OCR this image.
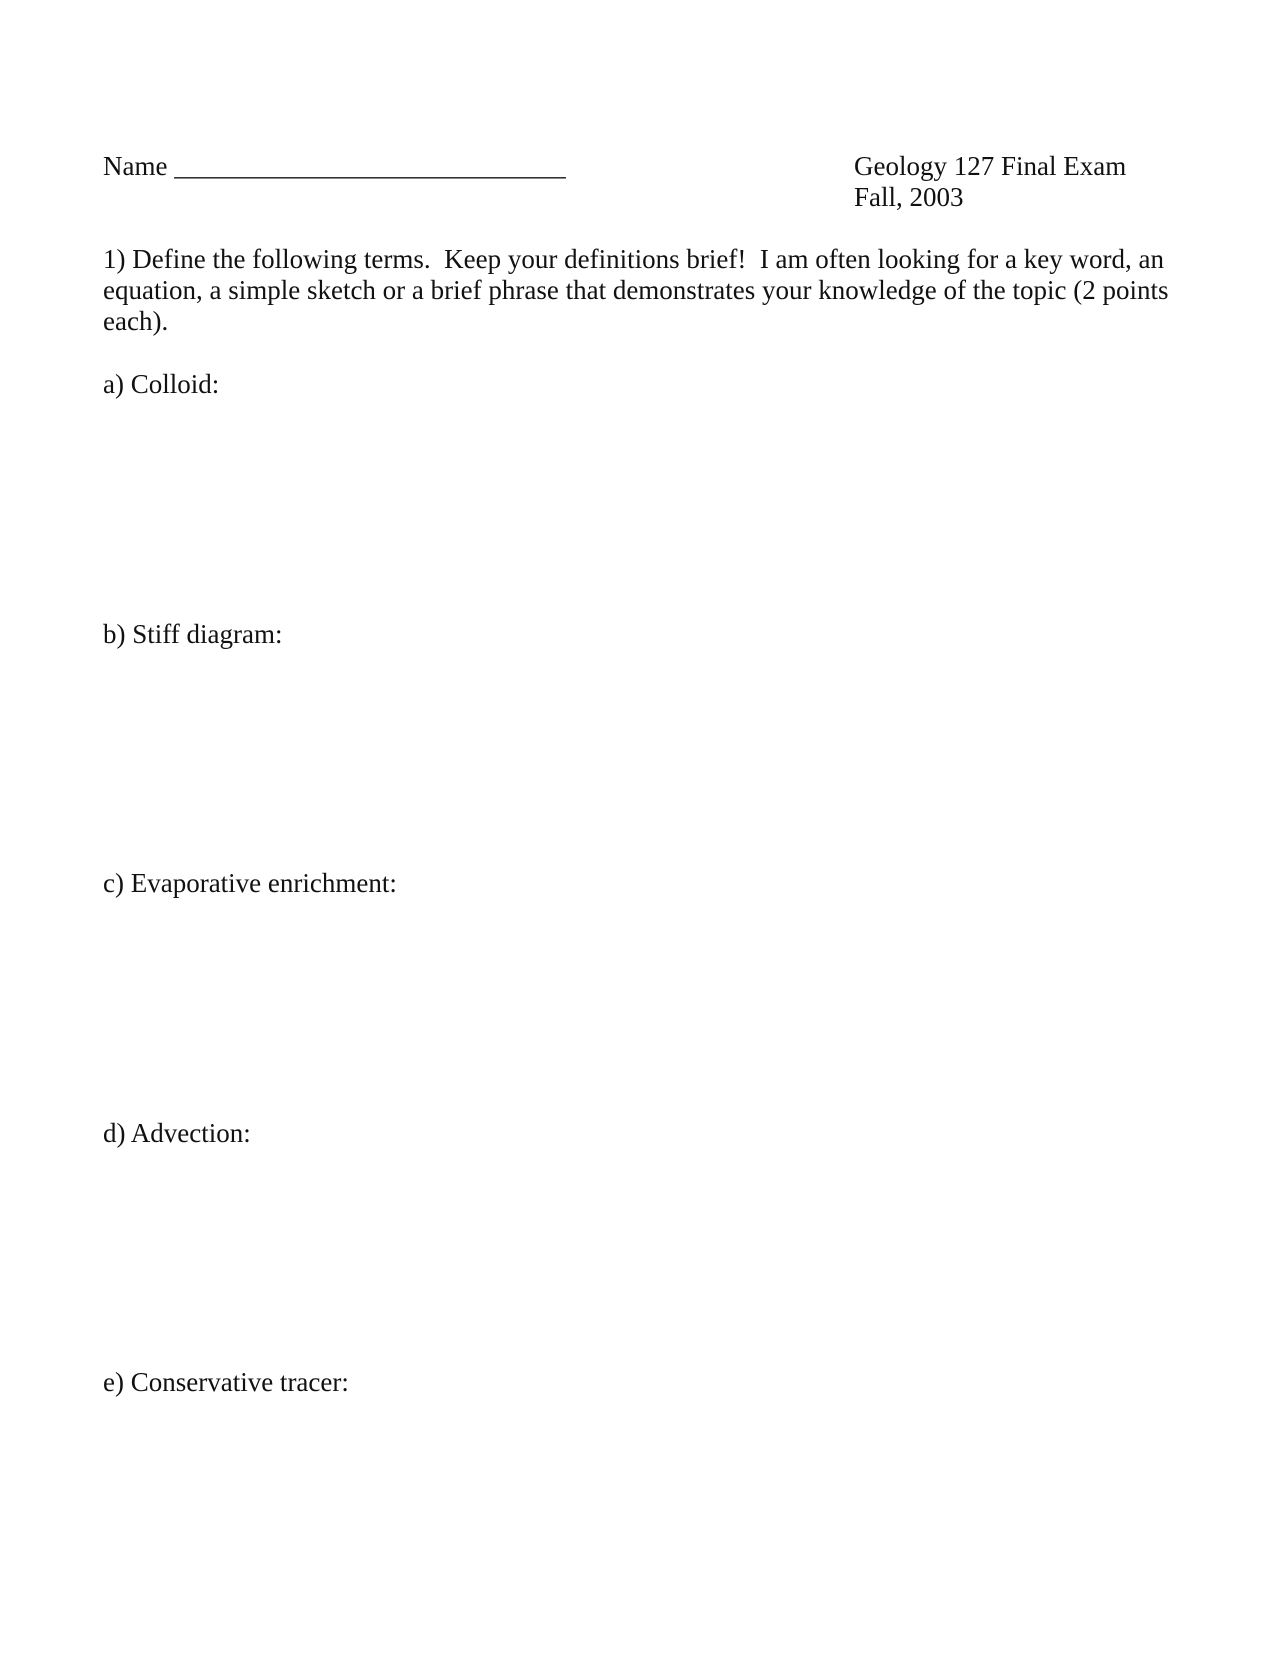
Name _____________________________	Geology 127 Final Exam

Fall, 2003

1) Define the following terms.  Keep your definitions brief!  I am often looking for a key word, an
equation, a simple sketch or a brief phrase that demonstrates your knowledge of the topic (2 points
each).

a) Colloid:

b) Stiff diagram:

c) Evaporative enrichment:

d) Advection:

e) Conservative tracer:
